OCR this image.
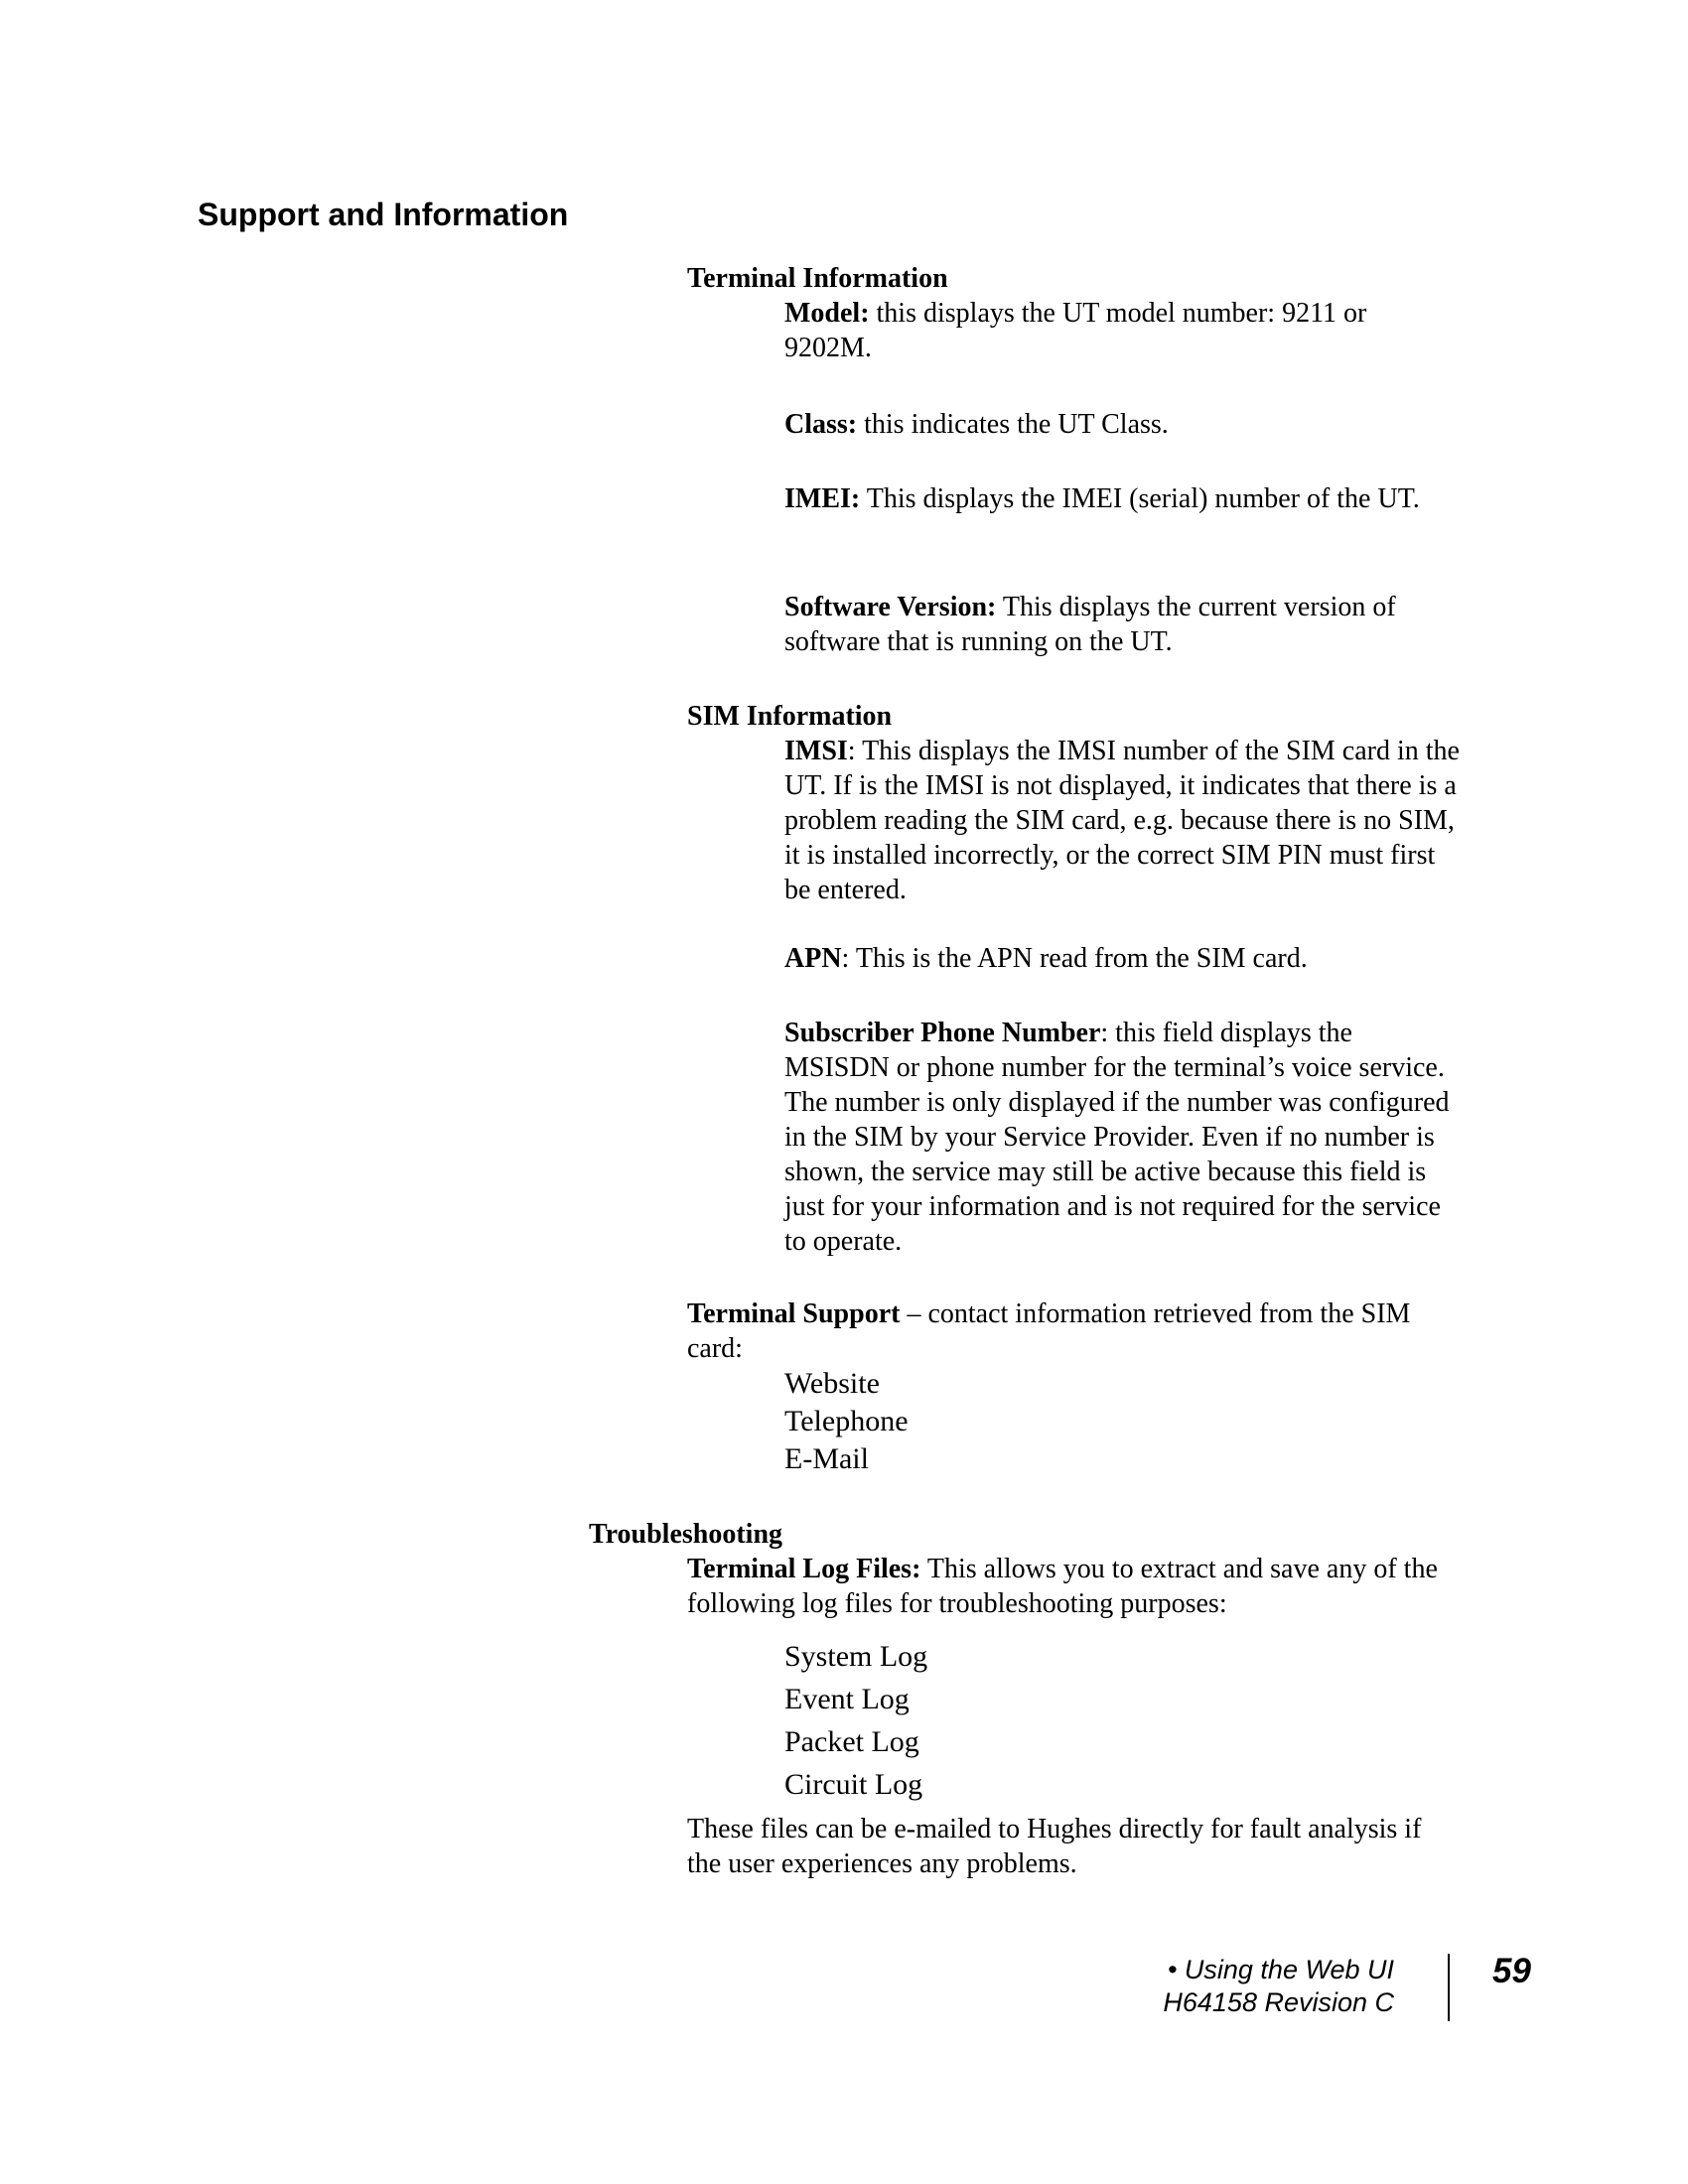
Support and Information

Terminal Information

Model: this displays the UT model number: 9211 or 9202M.

Class: this indicates the UT Class.

IMEI: This displays the IMEI (serial) number of the UT.

Software Version: This displays the current version of software that is running on the UT.

SIM Information

IMSI: This displays the IMSI number of the SIM card in the UT. If is the IMSI is not displayed, it indicates that there is a problem reading the SIM card, e.g. because there is no SIM, it is installed incorrectly, or the correct SIM PIN must first be entered.

APN: This is the APN read from the SIM card.

Subscriber Phone Number: this field displays the MSISDN or phone number for the terminal’s voice service. The number is only displayed if the number was configured in the SIM by your Service Provider. Even if no number is shown, the service may still be active because this field is just for your information and is not required for the service to operate.

Terminal Support – contact information retrieved from the SIM card:

Website

Telephone

E-Mail

Troubleshooting

Terminal Log Files: This allows you to extract and save any of the following log files for troubleshooting purposes:

System Log

Event Log

Packet Log

Circuit Log

These files can be e-mailed to Hughes directly for fault analysis if the user experiences any problems.

• Using the Web UI

H64158 Revision C

59
